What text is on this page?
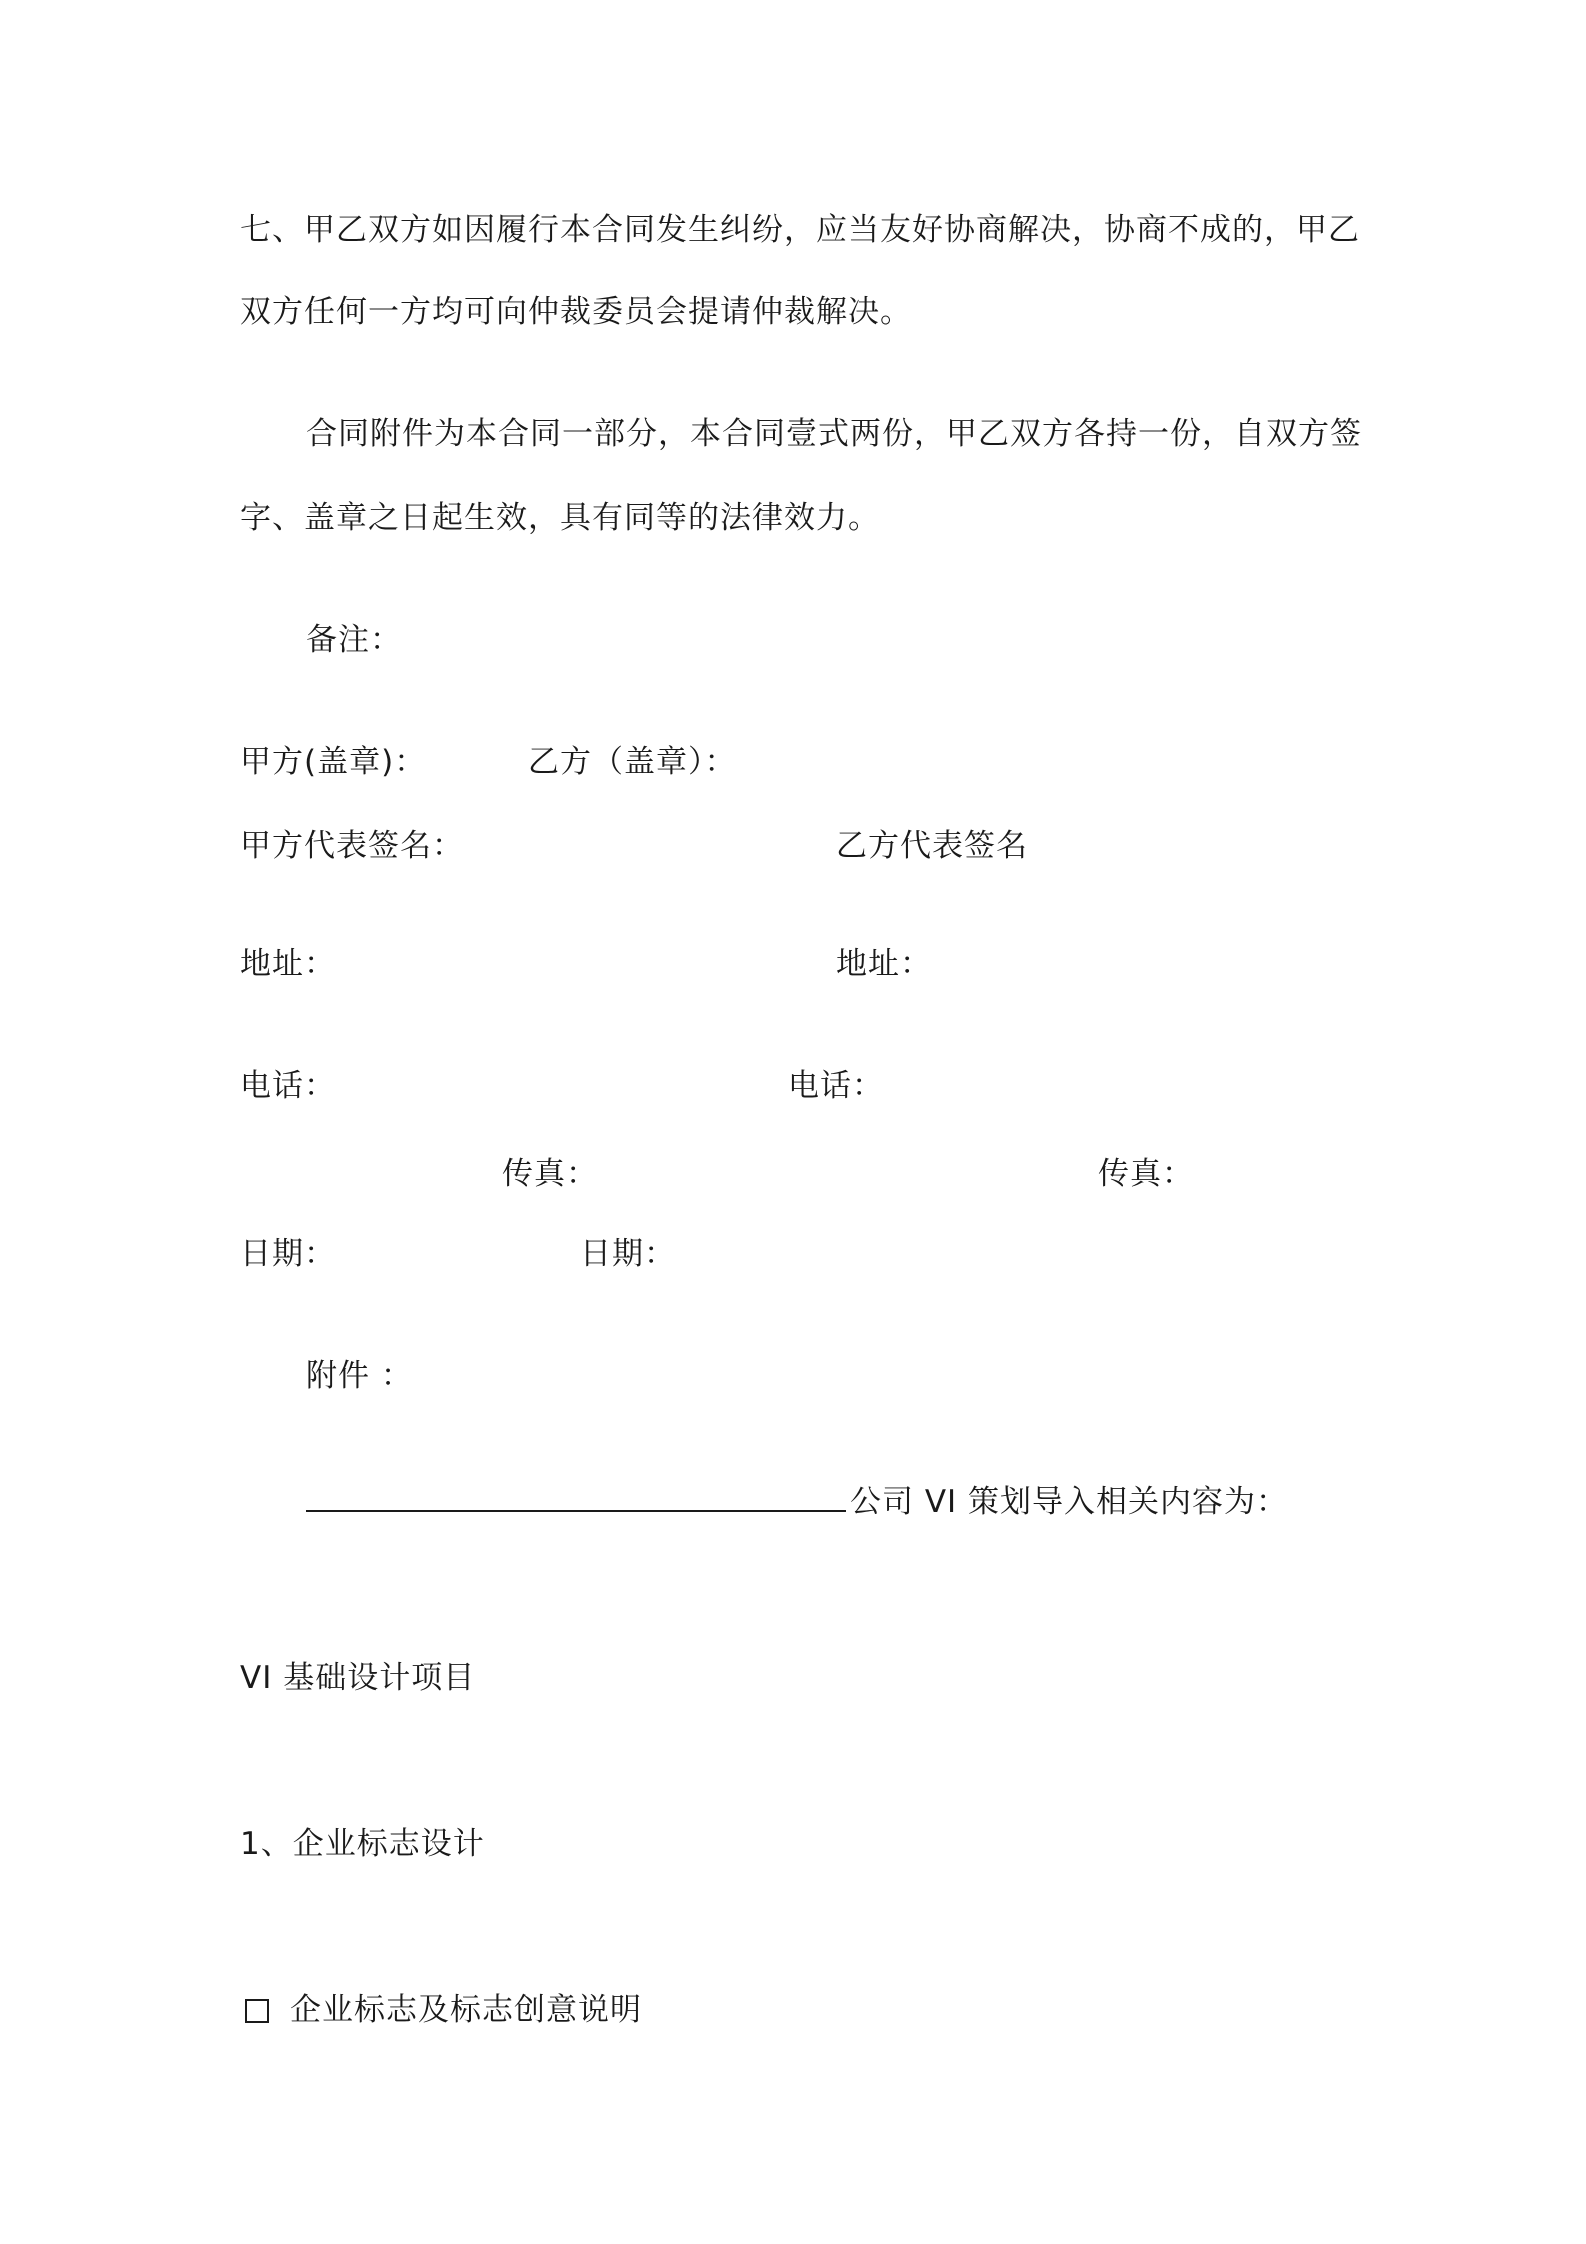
七、甲乙双方如因履行本合同发生纠纷，应当友好协商解决，协商不成的，甲乙
双方任何一方均可向仲裁委员会提请仲裁解决。
合同附件为本合同一部分，本合同壹式两份，甲乙双方各持一份，自双方签
字、盖章之日起生效，具有同等的法律效力。
备注：
甲方(盖章)：	乙方（盖章）：
甲方代表签名：	乙方代表签名
地址：	地址：
电话：	电话：
传真：	传真：
日期：	日期：
附件 ：
公司 VI 策划导入相关内容为：
VI 基础设计项目
1、企业标志设计
企业标志及标志创意说明
